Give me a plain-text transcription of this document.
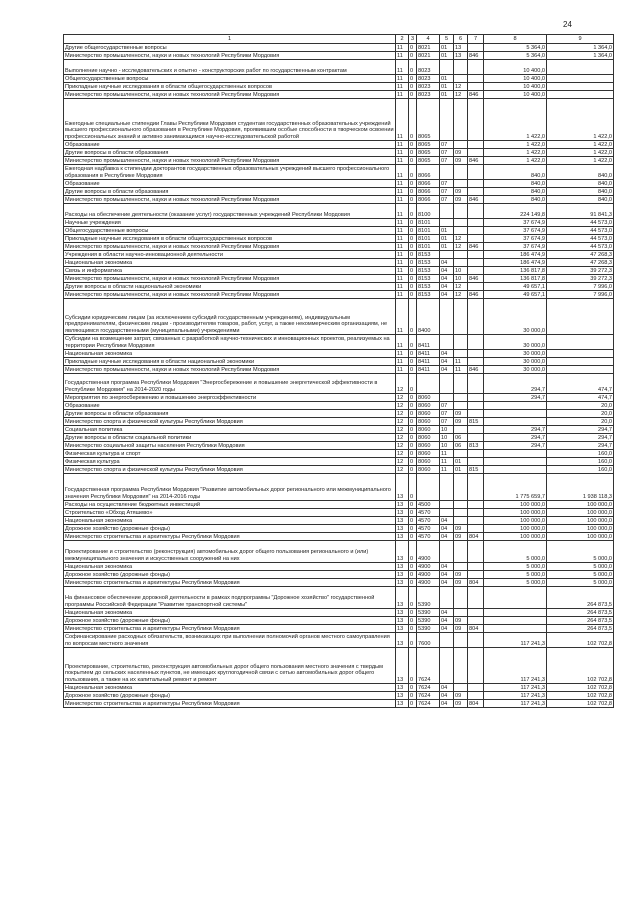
24
1	2	3	4	5	6	7	8	9
Другие общегосударственные вопросы	11	0	8021	01	13		5 364,0	1 364,0
Министерство промышленности, науки и новых технологий Республики Мордовия	11	0	8021	01	13	846	5 364,0	1 364,0
Выполнение научно - исследовательских и опытно - конструкторских работ по государственным контрактам	11	0	8023				10 400,0	
Общегосударственные вопросы	11	0	8023	01			10 400,0	
Прикладные научные исследования в области общегосударственных вопросов	11	0	8023	01	12		10 400,0	
Министерство промышленности, науки и новых технологий Республики Мордовия	11	0	8023	01	12	846	10 400,0	
Ежегодные специальные стипендии Главы Республики Мордовия студентам государственных образовательных учреждений высшего профессионального образования в Республике Мордовия, проявившим особые способности в творческом освоении профессиональных знаний и активно занимающимся научно-исследовательской работой	11	0	8065				1 422,0	1 422,0
Образование	11	0	8065	07			1 422,0	1 422,0
Другие вопросы в области образования	11	0	8065	07	09		1 422,0	1 422,0
Министерство промышленности, науки и новых технологий Республики Мордовия	11	0	8065	07	09	846	1 422,0	1 422,0
Ежегодная надбавка к стипендии докторантов государственных образовательных учреждений высшего профессионального образования в Республике Мордовия	11	0	8066				840,0	840,0
Образование	11	0	8066	07			840,0	840,0
Другие вопросы в области образования	11	0	8066	07	09		840,0	840,0
Министерство промышленности, науки и новых технологий Республики Мордовия	11	0	8066	07	09	846	840,0	840,0
Расходы на обеспечение деятельности (оказание услуг) государственных учреждений Республики Мордовия	11	0	8100				224 149,8	91 841,3
Научные учреждения	11	0	8101				37 674,9	44 573,0
Общегосударственные вопросы	11	0	8101	01			37 674,9	44 573,0
Прикладные научные исследования в области общегосударственных вопросов	11	0	8101	01	12		37 674,9	44 573,0
Министерство промышленности, науки и новых технологий Республики Мордовия	11	0	8101	01	12	846	37 674,9	44 573,0
Учреждения в области научно-инновационной деятельности	11	0	8153				186 474,9	47 268,3
Национальная экономика	11	0	8153	04			186 474,9	47 268,3
Связь и информатика	11	0	8153	04	10		136 817,8	39 272,3
Министерство промышленности, науки и новых технологий Республики Мордовия	11	0	8153	04	10	846	136 817,8	39 272,3
Другие вопросы в области национальной экономики	11	0	8153	04	12		49 657,1	7 996,0
Министерство промышленности, науки и новых технологий Республики Мордовия	11	0	8153	04	12	846	49 657,1	7 996,0
Субсидии юридическим лицам (за исключением субсидий государственным учреждениям), индивидуальным предпринимателям, физическим лицам - производителям товаров, работ, услуг, а также некоммерческим организациям, не являющимся государственными (муниципальными) учреждениями	11	0	8400				30 000,0	
Субсидии на возмещение затрат, связанных с разработкой научно-технических и инновационных проектов, реализуемых на территории Республики Мордовия	11	0	8411				30 000,0	
Национальная экономика	11	0	8411	04			30 000,0	
Прикладные научные исследования в области национальной экономики	11	0	8411	04	11		30 000,0	
Министерство промышленности, науки и новых технологий Республики Мордовия	11	0	8411	04	11	846	30 000,0	
Государственная программа Республики Мордовия "Энергосбережение и повышение энергетической эффективности в Республике Мордовия" на 2014-2020 годы	12	0					294,7	474,7
Мероприятия по энергосбережению и повышению энергоэффективности	12	0	8060				294,7	474,7
Образование	12	0	8060	07				20,0
Другие вопросы в области образования	12	0	8060	07	09			20,0
Министерство спорта и физической культуры Республики Мордовия	12	0	8060	07	09	815		20,0
Социальная политика	12	0	8060	10			294,7	294,7
Другие вопросы в области социальной политики	12	0	8060	10	06		294,7	294,7
Министерство социальной защиты населения Республики Мордовия	12	0	8060	10	06	813	294,7	294,7
Физическая культура и спорт	12	0	8060	11				160,0
Физическая культура	12	0	8060	11	01			160,0
Министерство спорта и физической культуры Республики Мордовия	12	0	8060	11	01	815		160,0
Государственная программа Республики Мордовия "Развитие автомобильных дорог регионального или межмуниципального значения Республики Мордовия" на 2014-2016 годы	13	0					1 775 659,7	1 938 118,3
Расходы на осуществление бюджетных инвестиций	13	0	4500				100 000,0	100 000,0
Строительство «Обход Атяшево»	13	0	4570				100 000,0	100 000,0
Национальная экономика	13	0	4570	04			100 000,0	100 000,0
Дорожное хозяйство (дорожные фонды)	13	0	4570	04	09		100 000,0	100 000,0
Министерство строительства и архитектуры Республики Мордовия	13	0	4570	04	09	804	100 000,0	100 000,0
Проектирование и строительство (реконструкция) автомобильных дорог общего пользования регионального и (или) межмуниципального значения и искусственных сооружений на них	13	0	4900				5 000,0	5 000,0
Национальная экономика	13	0	4900	04			5 000,0	5 000,0
Дорожное хозяйство (дорожные фонды)	13	0	4900	04	09		5 000,0	5 000,0
Министерство строительства и архитектуры Республики Мордовия	13	0	4900	04	09	804	5 000,0	5 000,0
На финансовое обеспечение дорожной деятельности в рамках подпрограммы "Дорожное хозяйство" государственной программы Российской Федерации "Развитие транспортной системы"	13	0	5390					264 873,5
Национальная экономика	13	0	5390	04				264 873,5
Дорожное хозяйство (дорожные фонды)	13	0	5390	04	09			264 873,5
Министерство строительства и архитектуры Республики Мордовия	13	0	5390	04	09	804		264 873,5
Софинансирование расходных обязательств, возникающих при выполнении полномочий органов местного самоуправления по вопросам местного значения	13	0	7600				117 241,3	102 702,8
Проектирование, строительство, реконструкция автомобильных дорог общего пользования местного значения с твердым покрытием до сельских населенных пунктов, не имеющих круглогодичной связи с сетью автомобильных дорог общего пользования, а также на их капитальный ремонт и ремонт	13	0	7624				117 241,3	102 702,8
Национальная экономика	13	0	7624	04			117 241,3	102 702,8
Дорожное хозяйство (дорожные фонды)	13	0	7624	04	09		117 241,3	102 702,8
Министерство строительства и архитектуры Республики Мордовия	13	0	7624	04	09	804	117 241,3	102 702,8
